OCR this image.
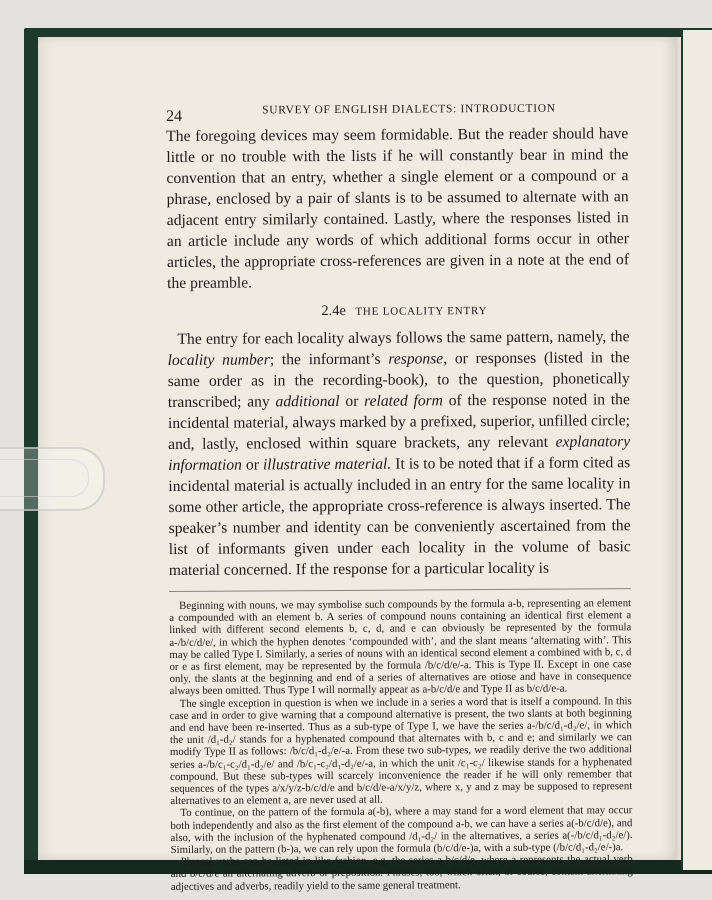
24	SURVEY OF ENGLISH DIALECTS: INTRODUCTION

The foregoing devices may seem formidable. But the reader should have little or no trouble with the lists if he will constantly bear in mind the convention that an entry, whether a single element or a compound or a phrase, enclosed by a pair of slants is to be assumed to alternate with an adjacent entry similarly contained. Lastly, where the responses listed in an article include any words of which additional forms occur in other articles, the appropriate cross-references are given in a note at the end of the preamble.

2.4e THE LOCALITY ENTRY

The entry for each locality always follows the same pattern, namely, the locality number; the informant’s response, or responses (listed in the same order as in the recording-book), to the question, phonetically transcribed; any additional or related form of the response noted in the incidental material, always marked by a prefixed, superior, unfilled circle; and, lastly, enclosed within square brackets, any relevant explanatory information or illustrative material. It is to be noted that if a form cited as incidental material is actually included in an entry for the same locality in some other article, the appropriate cross-reference is always inserted. The speaker’s number and identity can be conveniently ascertained from the list of informants given under each locality in the volume of basic material concerned. If the response for a particular locality is

Beginning with nouns, we may symbolise such compounds by the formula a-b, representing an element a compounded with an element b. A series of compound nouns containing an identical first element a linked with different second elements b, c, d, and e can obviously be represented by the formula a-/b/c/d/e/, in which the hyphen denotes ‘compounded with’, and the slant means ‘alternating with’. This may be called Type I. Similarly, a series of nouns with an identical second element a combined with b, c, d or e as first element, may be represented by the formula /b/c/d/e/-a. This is Type II. Except in one case only, the slants at the beginning and end of a series of alternatives are otiose and have in consequence always been omitted. Thus Type I will normally appear as a-b/c/d/e and Type II as b/c/d/e-a.

The single exception in question is when we include in a series a word that is itself a compound. In this case and in order to give warning that a compound alternative is present, the two slants at both beginning and end have been re-inserted. Thus as a sub-type of Type I, we have the series a-/b/c/d₁-d₂/e/, in which the unit /d₁-d₂/ stands for a hyphenated compound that alternates with b, c and e; and similarly we can modify Type II as follows: /b/c/d₁-d₂/e/-a. From these two sub-types, we readily derive the two additional series a-/b/c₁-c₂/d₁-d₂/e/ and /b/c₁-c₂/d₁-d₂/e/-a, in which the unit /c₁-c₂/ likewise stands for a hyphenated compound. But these sub-types will scarcely inconvenience the reader if he will only remember that sequences of the types a/x/y/z-b/c/d/e and b/c/d/e-a/x/y/z, where x, y and z may be supposed to represent alternatives to an element a, are never used at all.

To continue, on the pattern of the formula a(-b), where a may stand for a word element that may occur both independently and also as the first element of the compound a-b, we can have a series a(-b/c/d/e), and also, with the inclusion of the hyphenated compound /d₁-d₂/ in the alternatives, a series a(-/b/c/d₁-d₂/e/). Similarly, on the pattern (b-)a, we can rely upon the formula (b/c/d/e-)a, with a sub-type (/b/c/d₁-d₂/e/-)a.

Phrasal verbs can be listed in like fashion, e.g. the series a b/c/d/e, where a represents the actual verb and b/c/d/e an alternating adverb or preposition. Phrases, too, which often, of course, contain alternating adjectives and adverbs, readily yield to the same general treatment.
